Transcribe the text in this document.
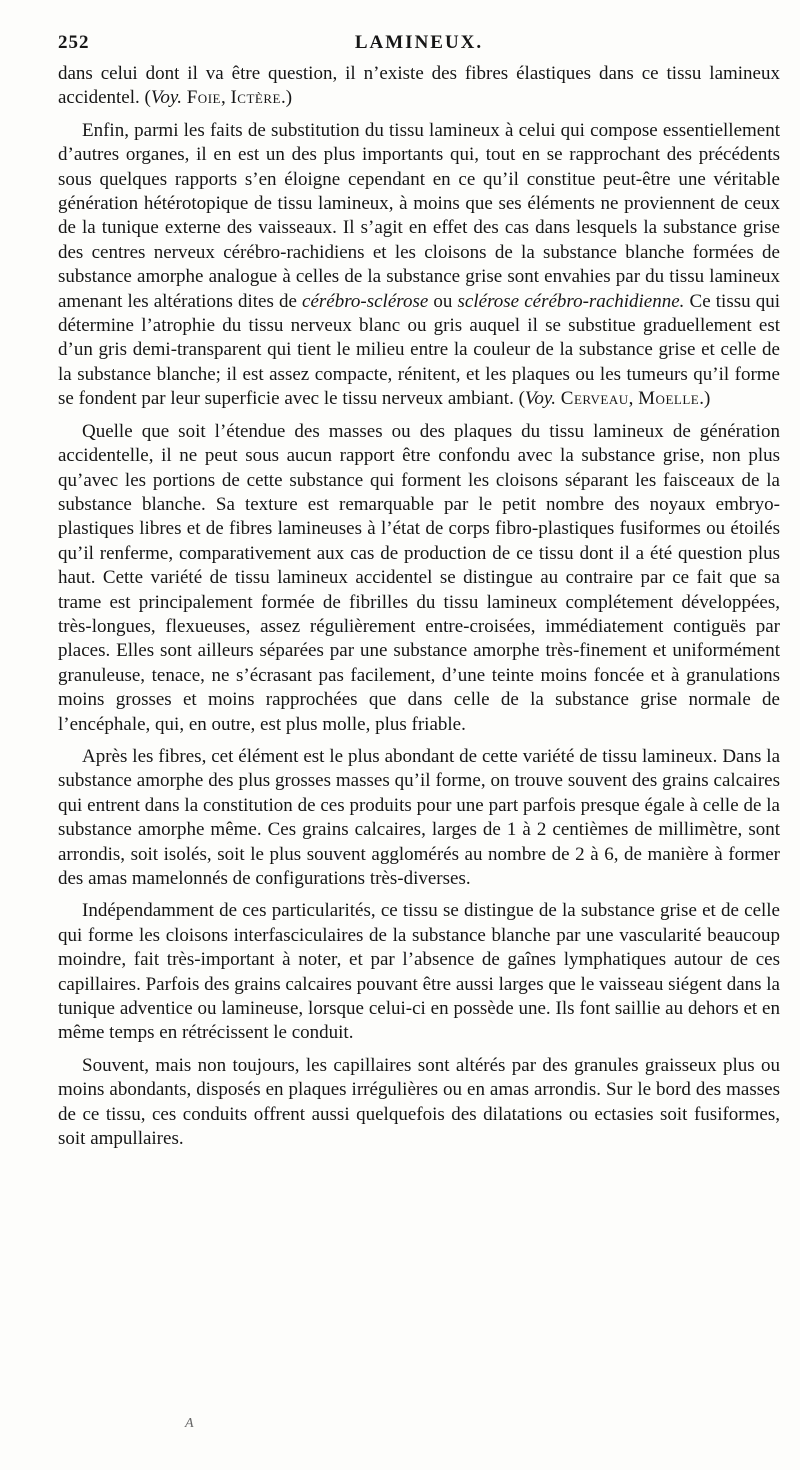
252	LAMINEUX.

dans celui dont il va être question, il n’existe des fibres élastiques dans ce tissu lamineux accidentel. (Voy. Foie, Ictère.)

Enfin, parmi les faits de substitution du tissu lamineux à celui qui compose essentiellement d’autres organes, il en est un des plus importants qui, tout en se rapprochant des précédents sous quelques rapports s’en éloigne cependant en ce qu’il constitue peut-être une véritable génération hétérotopique de tissu lamineux, à moins que ses éléments ne proviennent de ceux de la tunique externe des vaisseaux. Il s’agit en effet des cas dans lesquels la substance grise des centres nerveux cérébro-rachidiens et les cloisons de la substance blanche formées de substance amorphe analogue à celles de la substance grise sont envahies par du tissu lamineux amenant les altérations dites de cérébro-sclérose ou sclérose cérébro-rachidienne. Ce tissu qui détermine l’atrophie du tissu nerveux blanc ou gris auquel il se substitue graduellement est d’un gris demi-transparent qui tient le milieu entre la couleur de la substance grise et celle de la substance blanche; il est assez compacte, rénitent, et les plaques ou les tumeurs qu’il forme se fondent par leur superficie avec le tissu nerveux ambiant. (Voy. Cerveau, Moelle.)

Quelle que soit l’étendue des masses ou des plaques du tissu lamineux de génération accidentelle, il ne peut sous aucun rapport être confondu avec la substance grise, non plus qu’avec les portions de cette substance qui forment les cloisons séparant les faisceaux de la substance blanche. Sa texture est remarquable par le petit nombre des noyaux embryo-plastiques libres et de fibres lamineuses à l’état de corps fibro-plastiques fusiformes ou étoilés qu’il renferme, comparativement aux cas de production de ce tissu dont il a été question plus haut. Cette variété de tissu lamineux accidentel se distingue au contraire par ce fait que sa trame est principalement formée de fibrilles du tissu lamineux complétement développées, très-longues, flexueuses, assez régulièrement entre-croisées, immédiatement contiguës par places. Elles sont ailleurs séparées par une substance amorphe très-finement et uniformément granuleuse, tenace, ne s’écrasant pas facilement, d’une teinte moins foncée et à granulations moins grosses et moins rapprochées que dans celle de la substance grise normale de l’encéphale, qui, en outre, est plus molle, plus friable.

Après les fibres, cet élément est le plus abondant de cette variété de tissu lamineux. Dans la substance amorphe des plus grosses masses qu’il forme, on trouve souvent des grains calcaires qui entrent dans la constitution de ces produits pour une part parfois presque égale à celle de la substance amorphe même. Ces grains calcaires, larges de 1 à 2 centièmes de millimètre, sont arrondis, soit isolés, soit le plus souvent agglomérés au nombre de 2 à 6, de manière à former des amas mamelonnés de configurations très-diverses.

Indépendamment de ces particularités, ce tissu se distingue de la substance grise et de celle qui forme les cloisons interfasciculaires de la substance blanche par une vascularité beaucoup moindre, fait très-important à noter, et par l’absence de gaînes lymphatiques autour de ces capillaires. Parfois des grains calcaires pouvant être aussi larges que le vaisseau siégent dans la tunique adventice ou lamineuse, lorsque celui-ci en possède une. Ils font saillie au dehors et en même temps en rétrécissent le conduit.

Souvent, mais non toujours, les capillaires sont altérés par des granules graisseux plus ou moins abondants, disposés en plaques irrégulières ou en amas arrondis. Sur le bord des masses de ce tissu, ces conduits offrent aussi quelquefois des dilatations ou ectasies soit fusiformes, soit ampullaires.

A
